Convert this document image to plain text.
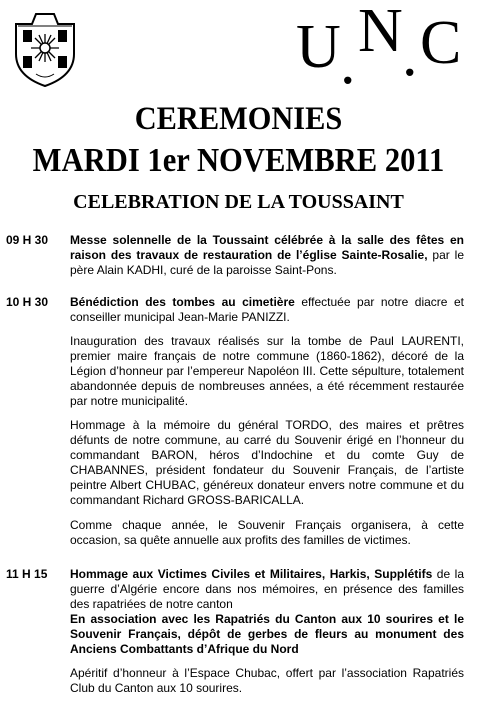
U . N . C
CEREMONIES
MARDI 1er NOVEMBRE 2011
CELEBRATION DE LA TOUSSAINT
09 H 30 Messe solennelle de la Toussaint célébrée à la salle des fêtes en raison des travaux de restauration de l’église Sainte-Rosalie, par le père Alain KADHI, curé de la paroisse Saint-Pons.

10 H 30 Bénédiction des tombes au cimetière effectuée par notre diacre et conseiller municipal Jean-Marie PANIZZI.

Inauguration des travaux réalisés sur la tombe de Paul LAURENTI, premier maire français de notre commune (1860-1862), décoré de la Légion d’honneur par l’empereur Napoléon III. Cette sépulture, totalement abandonnée depuis de nombreuses années, a été récemment restaurée par notre municipalité.

Hommage à la mémoire du général TORDO, des maires et prêtres défunts de notre commune, au carré du Souvenir érigé en l’honneur du commandant BARON, héros d’Indochine et du comte Guy de CHABANNES, président fondateur du Souvenir Français, de l’artiste peintre Albert CHUBAC, généreux donateur envers notre commune et du commandant Richard GROSS-BARICALLA.

Comme chaque année, le Souvenir Français organisera, à cette occasion, sa quête annuelle aux profits des familles de victimes.

11 H 15 Hommage aux Victimes Civiles et Militaires, Harkis, Supplétifs de la guerre d’Algérie encore dans nos mémoires, en présence des familles des rapatriées de notre canton
En association avec les Rapatriés du Canton aux 10 sourires et le Souvenir Français, dépôt de gerbes de fleurs au monument des Anciens Combattants d’Afrique du Nord

Apéritif d’honneur à l’Espace Chubac, offert par l’association Rapatriés Club du Canton aux 10 sourires.
